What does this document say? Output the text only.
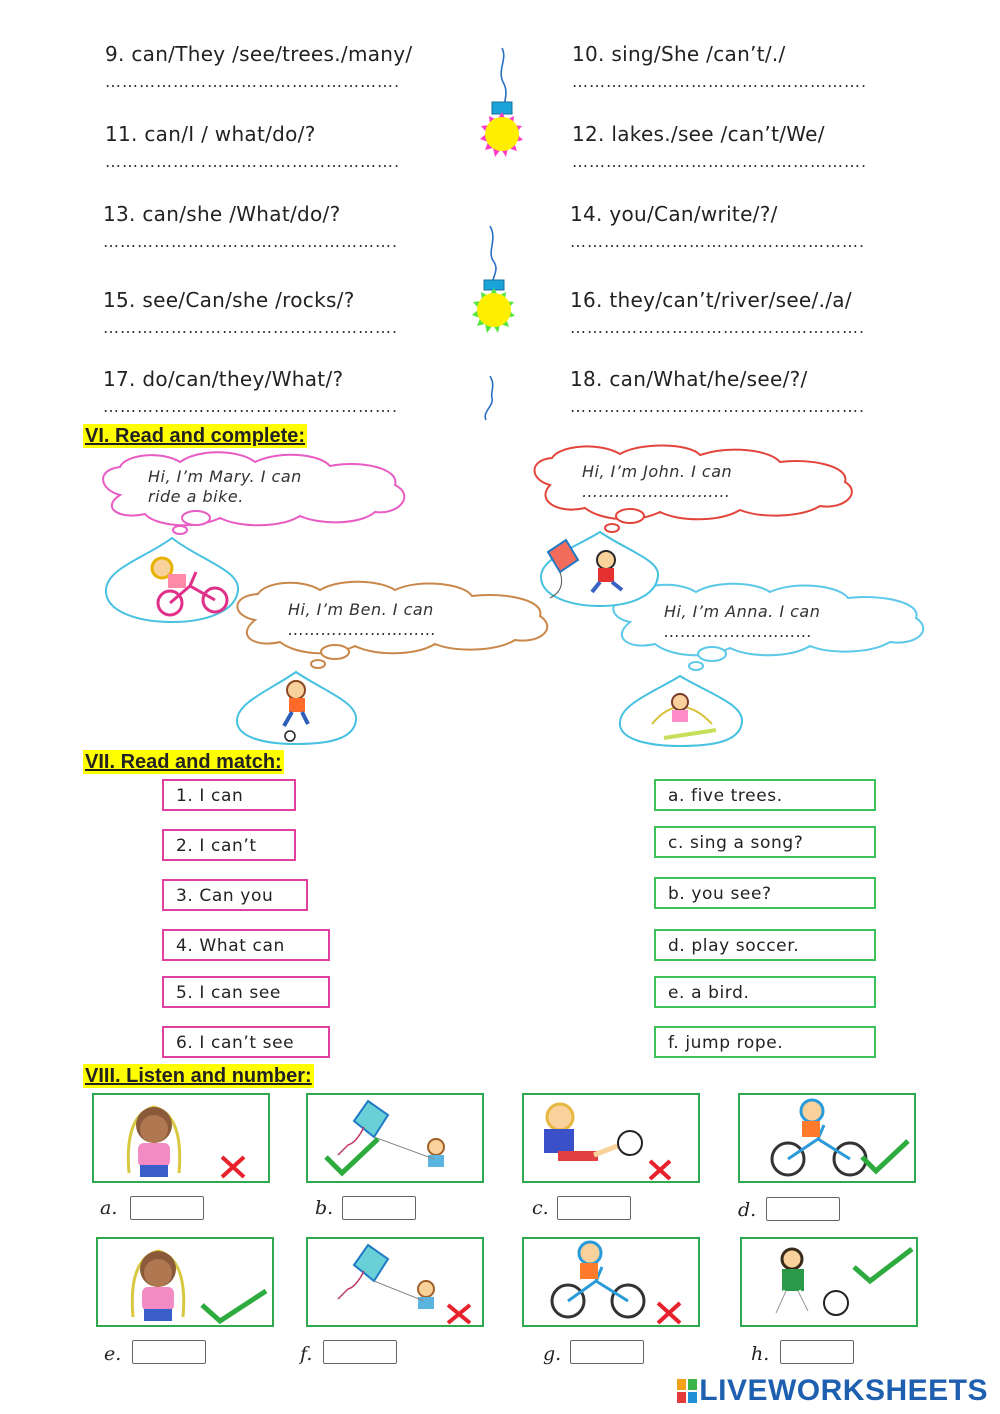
9. can/They /see/trees./many/
…………………………………………….
10. sing/She /can’t/./
…………………………………………….
11. can/I / what/do/?
…………………………………………….
12. lakes./see /can’t/We/
…………………………………………….
13. can/she /What/do/?
…………………………………………….
14. you/Can/write/?/
…………………………………………….
15. see/Can/she /rocks/?
…………………………………………….
16. they/can’t/river/see/./a/
…………………………………………….
17. do/can/they/What/?
…………………………………………….
18. can/What/he/see/?/
…………………………………………….
VI. Read and complete:
Hi, I’m Mary. I can
ride a bike.
Hi, I’m John. I can
………………………
Hi, I’m Ben. I can
………………………
Hi, I’m Anna. I can
………………………
VII. Read and match:
1. I can
2. I can’t
3. Can you
4. What can
5. I can see
6. I can’t see
a. five trees.
c. sing a song?
b. you see?
d. play soccer.
e. a bird.
f. jump rope.
VIII. Listen and number:
a.	b.	c.	d.
e.	f.	g.	h.
LIVEWORKSHEETS
